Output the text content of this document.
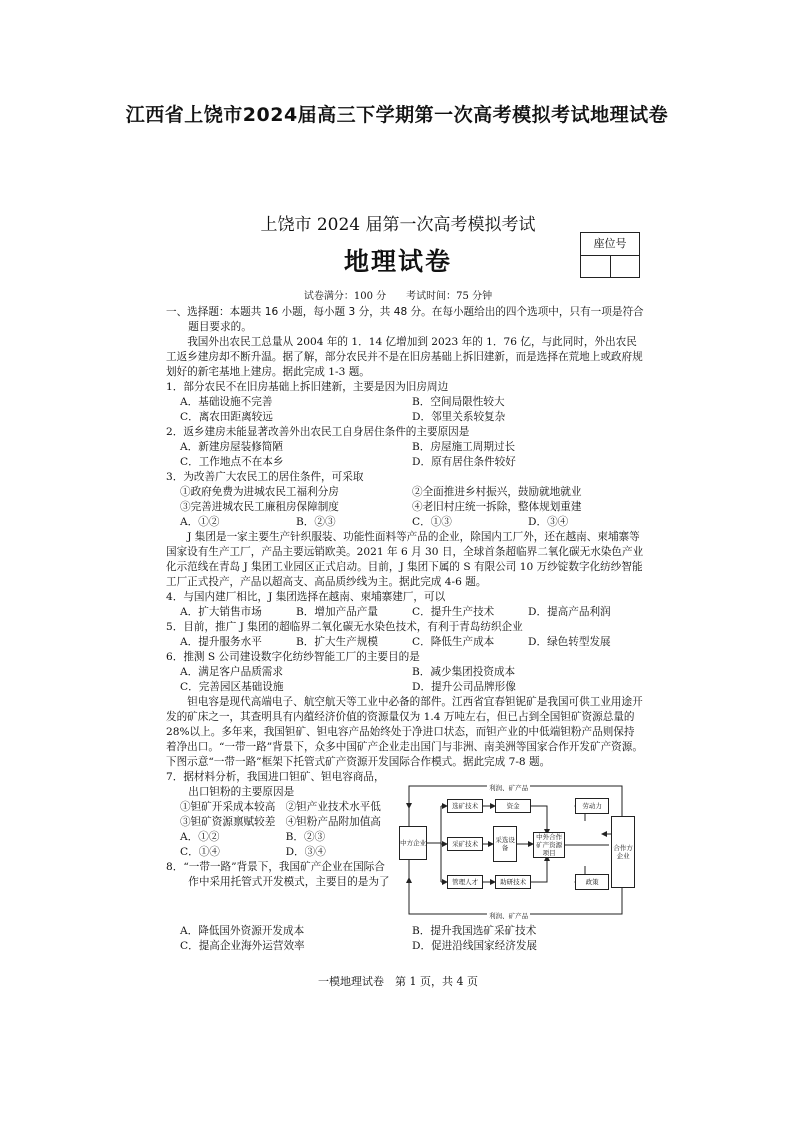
江西省上饶市2024届高三下学期第一次高考模拟考试地理试卷
上饶市 2024 届第一次高考模拟考试
地理试卷
座位号
试卷满分：100 分　　考试时间：75 分钟

一、选择题：本题共 16 小题，每小题 3 分，共 48 分。在每小题给出的四个选项中，只有一项是符合题目要求的。

我国外出农民工总量从 2004 年的 1．14 亿增加到 2023 年的 1．76 亿，与此同时，外出农民工返乡建房却不断升温。据了解，部分农民并不是在旧房基础上拆旧建新，而是选择在荒地上或政府规划好的新宅基地上建房。据此完成 1-3 题。

1．部分农民不在旧房基础上拆旧建新，主要是因为旧房周边

A．基础设施不完善	B．空间局限性较大
C．离农田距离较远	D．邻里关系较复杂

2．返乡建房未能显著改善外出农民工自身居住条件的主要原因是

A．新建房屋装修简陋	B．房屋施工周期过长
C．工作地点不在本乡	D．原有居住条件较好

3．为改善广大农民工的居住条件，可采取

①政府免费为进城农民工福利分房	②全面推进乡村振兴，鼓励就地就业
③完善进城农民工廉租房保障制度	④老旧村庄统一拆除，整体规划重建
A．①②	B．②③	C．①③	D．③④

J 集团是一家主要生产针织服装、功能性面料等产品的企业，除国内工厂外，还在越南、柬埔寨等国家设有生产工厂，产品主要远销欧美。2021 年 6 月 30 日，全球首条超临界二氧化碳无水染色产业化示范线在青岛 J 集团工业园区正式启动。目前，J 集团下属的 S 有限公司 10 万纱锭数字化纺纱智能工厂正式投产，产品以超高支、高品质纱线为主。据此完成 4-6 题。

4．与国内建厂相比，J 集团选择在越南、柬埔寨建厂，可以

A．扩大销售市场	B．增加产品产量	C．提升生产技术	D．提高产品利润

5．目前，推广 J 集团的超临界二氧化碳无水染色技术，有利于青岛纺织企业

A．提升服务水平	B．扩大生产规模	C．降低生产成本	D．绿色转型发展

6．推测 S 公司建设数字化纺纱智能工厂的主要目的是

A．满足客户品质需求	B．减少集团投资成本
C．完善园区基础设施	D．提升公司品牌形像

钽电容是现代高端电子、航空航天等工业中必备的部件。江西省宜春钽铌矿是我国可供工业用途开发的矿床之一，其查明具有内蕴经济价值的资源量仅为 1.4 万吨左右，但已占到全国钽矿资源总量的 28%以上。多年来，我国钽矿、钽电容产品始终处于净进口状态，而钽产业的中低端钽粉产品则保持着净出口。“一带一路”背景下，众多中国矿产企业走出国门与非洲、南美洲等国家合作开发矿产资源。下图示意“一带一路”框架下托管式矿产资源开发国际合作模式。据此完成 7-8 题。

7．据材料分析，我国进口钽矿、钽电容商品，出口钽粉的主要原因是

①钽矿开采成本较高 ②钽产业技术水平低
③钽矿资源禀赋较差 ④钽粉产品附加值高
A．①②	B．②③
C．①④	D．③④

8．“一带一路”背景下，我国矿产企业在国际合作中采用托管式开发模式，主要目的是为了

利润、矿产品
利润、矿产品
中方企业
选矿技术	资金
采矿技术	采选设备
管理人才	助研技术
中外合作矿产资源项目
劳动力
政策
合作方企业
A．降低国外资源开发成本	B．提升我国选矿采矿技术
C．提高企业海外运营效率	D．促进沿线国家经济发展
一模地理试卷　第 1 页，共 4 页
